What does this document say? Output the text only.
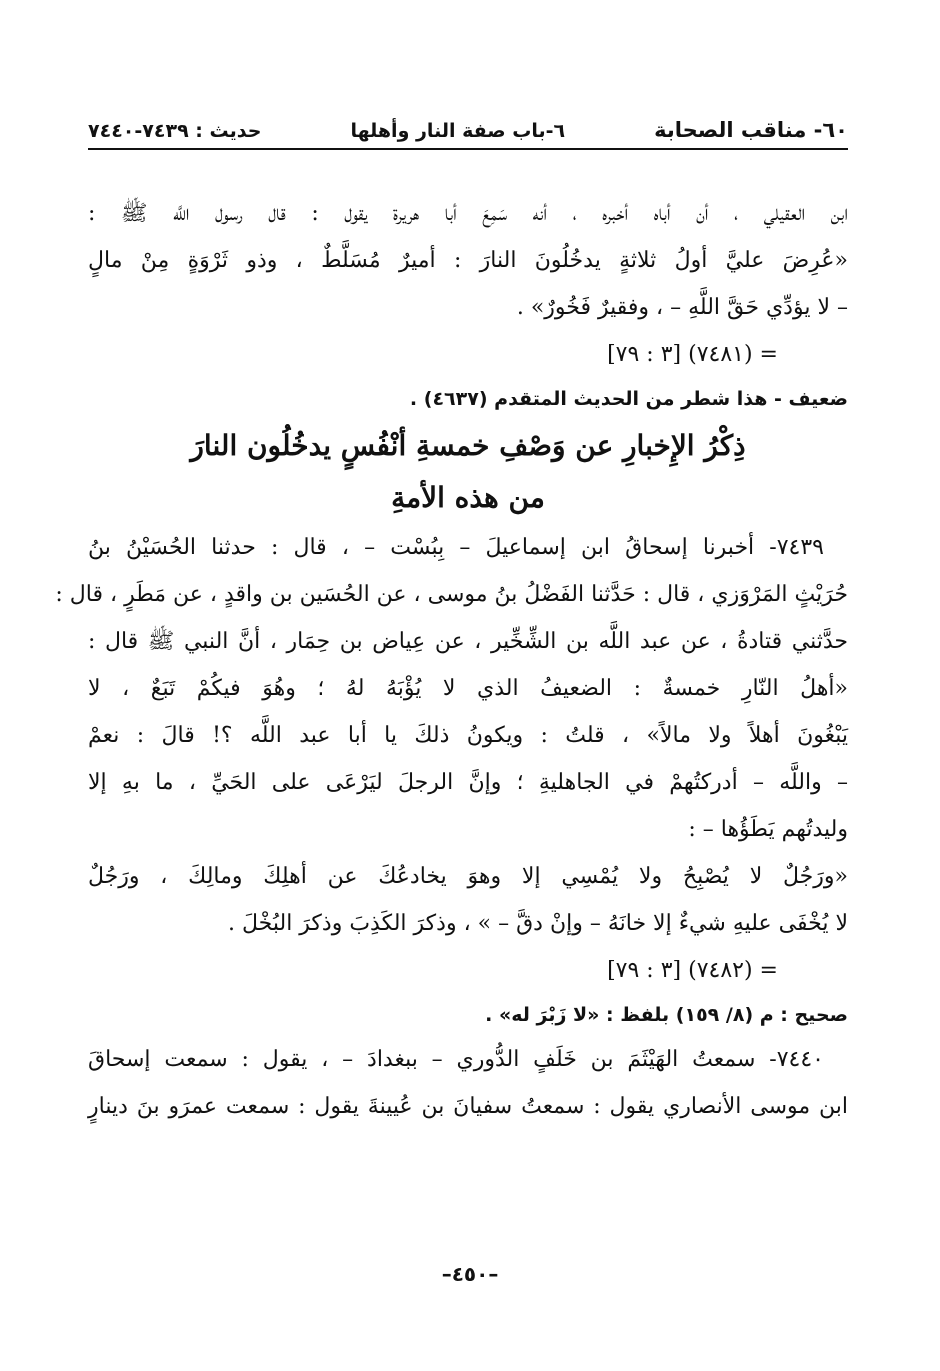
٦٠- مناقب الصحابة
٦-باب صفة النار وأهلها
حديث : ٧٤٣٩-٧٤٤٠
ابن العقيلي ، أن أباه أخبره ، أنه سَمِعَ أبا هريرة يقول : قال رسول اللَّه ﷺ :
«عُرِضَ عليَّ أولُ ثلاثةٍ يدخُلُونَ النارَ : أميرٌ مُسَلَّطٌ ، وذو ثَرْوَةٍ مِنْ مالٍ
– لا يؤدِّي حَقَّ اللَّهِ – ، وفقيرٌ فَخُورٌ» .
= (٧٤٨١) [٣ : ٧٩]
ضعيف - هذا شطر من الحديث المتقدم (٤٦٣٧) .
ذِكْرُ الإِخبارِ عن وَصْفِ خمسةِ أنْفُسٍ يدخُلُون النارَ
من هذه الأمةِ
٧٤٣٩- أخبرنا إسحاقُ ابن إسماعيلَ – بِبُسْت – ، قال : حدثنا الحُسَيْنُ بنُ
حُرَيْثٍ المَرْوَزي ، قال : حَدَّثنا الفَضْلُ بنُ موسى ، عن الحُسَين بن واقدٍ ، عن مَطَرٍ ، قال :
حدَّثني قتادةُ ، عن عبد اللَّه بن الشِّخِّير ، عن عِياض بن حِمَار ، أنَّ النبي ﷺ قال :
«أهلُ النّارِ خمسةٌ : الضعيفُ الذي لا يُؤْبَهُ لهُ ؛ وهُوَ فيكُمْ تَبَعٌ ، لا
يَبْغُونَ أهلاً ولا مالاً» ، قلتُ : ويكونُ ذلكَ يا أبا عبد اللَّه ؟! قالَ : نعمْ
– واللَّه – أدركتُهمْ في الجاهليةِ ؛ وإنَّ الرجلَ ليَرْعَى على الحَيِّ ، ما بهِ إلا
وليدتُهم يَطَؤُها – :
«ورَجُلٌ لا يُصْبِحُ ولا يُمْسِي إلا وهوَ يخادعُكَ عن أهلِكَ ومالِكَ ، ورَجُلٌ
لا يُخْفَى عليهِ شيءٌ إلا خانَهُ – وإنْ دقَّ – » ، وذكرَ الكَذِبَ وذكرَ البُخْلَ .
= (٧٤٨٢) [٣ : ٧٩]
صحيح : م (٨/ ١٥٩) بلفظ : «لا زَبْرَ له» .
٧٤٤٠- سمعتُ الهَيْثَمَ بن خَلَفٍ الدُّوري – ببغدادَ – ، يقول : سمعت إسحاقَ
ابن موسى الأنصاري يقول : سمعتُ سفيانَ بن عُيينةَ يقول : سمعت عمرَو بنَ دينارٍ
–٤٥٠–
